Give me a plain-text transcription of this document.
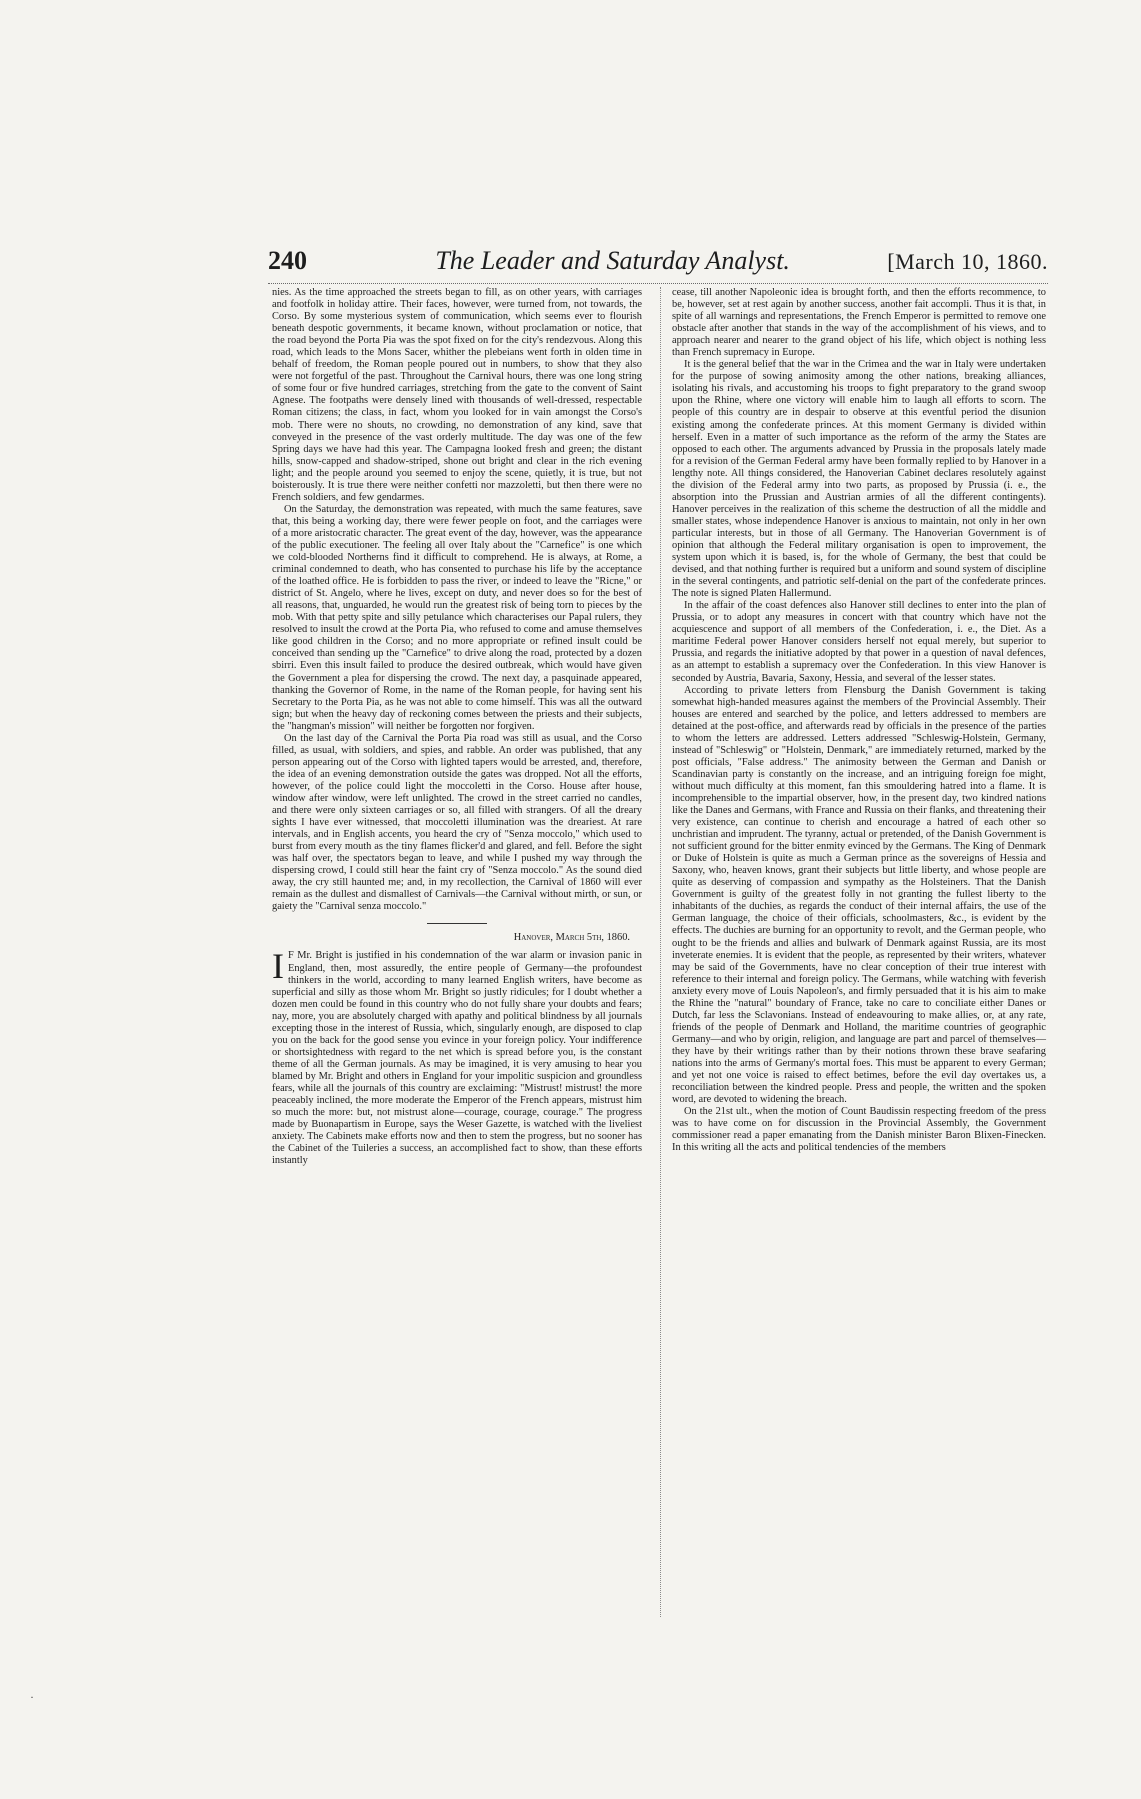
240	The Leader and Saturday Analyst.	[March 10, 1860.

nies. As the time approached the streets began to fill, as on other years, with carriages and footfolk in holiday attire. Their faces, however, were turned from, not towards, the Corso. By some mysterious system of communication, which seems ever to flourish beneath despotic governments, it became known, without proclamation or notice, that the road beyond the Porta Pia was the spot fixed on for the city's rendezvous. Along this road, which leads to the Mons Sacer, whither the plebeians went forth in olden time in behalf of freedom, the Roman people poured out in numbers, to show that they also were not forgetful of the past. Throughout the Carnival hours, there was one long string of some four or five hundred carriages, stretching from the gate to the convent of Saint Agnese. The footpaths were densely lined with thousands of well-dressed, respectable Roman citizens; the class, in fact, whom you looked for in vain amongst the Corso's mob. There were no shouts, no crowding, no demonstration of any kind, save that conveyed in the presence of the vast orderly multitude. The day was one of the few Spring days we have had this year. The Campagna looked fresh and green; the distant hills, snow-capped and shadow-striped, shone out bright and clear in the rich evening light; and the people around you seemed to enjoy the scene, quietly, it is true, but not boisterously. It is true there were neither confetti nor mazzoletti, but then there were no French soldiers, and few gendarmes.

On the Saturday, the demonstration was repeated, with much the same features, save that, this being a working day, there were fewer people on foot, and the carriages were of a more aristocratic character. The great event of the day, however, was the appearance of the public executioner. The feeling all over Italy about the "Carnefice" is one which we cold-blooded Northerns find it difficult to comprehend. He is always, at Rome, a criminal condemned to death, who has consented to purchase his life by the acceptance of the loathed office. He is forbidden to pass the river, or indeed to leave the "Ricne," or district of St. Angelo, where he lives, except on duty, and never does so for the best of all reasons, that, unguarded, he would run the greatest risk of being torn to pieces by the mob. With that petty spite and silly petulance which characterises our Papal rulers, they resolved to insult the crowd at the Porta Pia, who refused to come and amuse themselves like good children in the Corso; and no more appropriate or refined insult could be conceived than sending up the "Carnefice" to drive along the road, protected by a dozen sbirri. Even this insult failed to produce the desired outbreak, which would have given the Government a plea for dispersing the crowd. The next day, a pasquinade appeared, thanking the Governor of Rome, in the name of the Roman people, for having sent his Secretary to the Porta Pia, as he was not able to come himself. This was all the outward sign; but when the heavy day of reckoning comes between the priests and their subjects, the "hangman's mission" will neither be forgotten nor forgiven.

On the last day of the Carnival the Porta Pia road was still as usual, and the Corso filled, as usual, with soldiers, and spies, and rabble. An order was published, that any person appearing out of the Corso with lighted tapers would be arrested, and, therefore, the idea of an evening demonstration outside the gates was dropped. Not all the efforts, however, of the police could light the moccoletti in the Corso. House after house, window after window, were left unlighted. The crowd in the street carried no candles, and there were only sixteen carriages or so, all filled with strangers. Of all the dreary sights I have ever witnessed, that moccoletti illumination was the dreariest. At rare intervals, and in English accents, you heard the cry of "Senza moccolo," which used to burst from every mouth as the tiny flames flicker'd and glared, and fell. Before the sight was half over, the spectators began to leave, and while I pushed my way through the dispersing crowd, I could still hear the faint cry of "Senza moccolo." As the sound died away, the cry still haunted me; and, in my recollection, the Carnival of 1860 will ever remain as the dullest and dismallest of Carnivals—the Carnival without mirth, or sun, or gaiety the "Carnival senza moccolo."

Hanover, March 5th, 1860.

I F Mr. Bright is justified in his condemnation of the war alarm or invasion panic in England, then, most assuredly, the entire people of Germany—the profoundest thinkers in the world, according to many learned English writers, have become as superficial and silly as those whom Mr. Bright so justly ridicules; for I doubt whether a dozen men could be found in this country who do not fully share your doubts and fears; nay, more, you are absolutely charged with apathy and political blindness by all journals excepting those in the interest of Russia, which, singularly enough, are disposed to clap you on the back for the good sense you evince in your foreign policy. Your indifference or shortsightedness with regard to the net which is spread before you, is the constant theme of all the German journals. As may be imagined, it is very amusing to hear you blamed by Mr. Bright and others in England for your impolitic suspicion and groundless fears, while all the journals of this country are exclaiming: "Mistrust! mistrust! the more peaceably inclined, the more moderate the Emperor of the French appears, mistrust him so much the more: but, not mistrust alone—courage, courage, courage." The progress made by Buonapartism in Europe, says the Weser Gazette, is watched with the liveliest anxiety. The Cabinets make efforts now and then to stem the progress, but no sooner has the Cabinet of the Tuileries a success, an accomplished fact to show, than these efforts instantly

cease, till another Napoleonic idea is brought forth, and then the efforts recommence, to be, however, set at rest again by another success, another fait accompli. Thus it is that, in spite of all warnings and representations, the French Emperor is permitted to remove one obstacle after another that stands in the way of the accomplishment of his views, and to approach nearer and nearer to the grand object of his life, which object is nothing less than French supremacy in Europe.

It is the general belief that the war in the Crimea and the war in Italy were undertaken for the purpose of sowing animosity among the other nations, breaking alliances, isolating his rivals, and accustoming his troops to fight preparatory to the grand swoop upon the Rhine, where one victory will enable him to laugh all efforts to scorn. The people of this country are in despair to observe at this eventful period the disunion existing among the confederate princes. At this moment Germany is divided within herself. Even in a matter of such importance as the reform of the army the States are opposed to each other. The arguments advanced by Prussia in the proposals lately made for a revision of the German Federal army have been formally replied to by Hanover in a lengthy note. All things considered, the Hanoverian Cabinet declares resolutely against the division of the Federal army into two parts, as proposed by Prussia (i. e., the absorption into the Prussian and Austrian armies of all the different contingents). Hanover perceives in the realization of this scheme the destruction of all the middle and smaller states, whose independence Hanover is anxious to maintain, not only in her own particular interests, but in those of all Germany. The Hanoverian Government is of opinion that although the Federal military organisation is open to improvement, the system upon which it is based, is, for the whole of Germany, the best that could be devised, and that nothing further is required but a uniform and sound system of discipline in the several contingents, and patriotic self-denial on the part of the confederate princes. The note is signed Platen Hallermund.

In the affair of the coast defences also Hanover still declines to enter into the plan of Prussia, or to adopt any measures in concert with that country which have not the acquiescence and support of all members of the Confederation, i. e., the Diet. As a maritime Federal power Hanover considers herself not equal merely, but superior to Prussia, and regards the initiative adopted by that power in a question of naval defences, as an attempt to establish a supremacy over the Confederation. In this view Hanover is seconded by Austria, Bavaria, Saxony, Hessia, and several of the lesser states.

According to private letters from Flensburg the Danish Government is taking somewhat high-handed measures against the members of the Provincial Assembly. Their houses are entered and searched by the police, and letters addressed to members are detained at the post-office, and afterwards read by officials in the presence of the parties to whom the letters are addressed. Letters addressed "Schleswig-Holstein, Germany, instead of "Schleswig" or "Holstein, Denmark," are immediately returned, marked by the post officials, "False address." The animosity between the German and Danish or Scandinavian party is constantly on the increase, and an intriguing foreign foe might, without much difficulty at this moment, fan this smouldering hatred into a flame. It is incomprehensible to the impartial observer, how, in the present day, two kindred nations like the Danes and Germans, with France and Russia on their flanks, and threatening their very existence, can continue to cherish and encourage a hatred of each other so unchristian and imprudent. The tyranny, actual or pretended, of the Danish Government is not sufficient ground for the bitter enmity evinced by the Germans. The King of Denmark or Duke of Holstein is quite as much a German prince as the sovereigns of Hessia and Saxony, who, heaven knows, grant their subjects but little liberty, and whose people are quite as deserving of compassion and sympathy as the Holsteiners. That the Danish Government is guilty of the greatest folly in not granting the fullest liberty to the inhabitants of the duchies, as regards the conduct of their internal affairs, the use of the German language, the choice of their officials, schoolmasters, &c., is evident by the effects. The duchies are burning for an opportunity to revolt, and the German people, who ought to be the friends and allies and bulwark of Denmark against Russia, are its most inveterate enemies. It is evident that the people, as represented by their writers, whatever may be said of the Governments, have no clear conception of their true interest with reference to their internal and foreign policy. The Germans, while watching with feverish anxiety every move of Louis Napoleon's, and firmly persuaded that it is his aim to make the Rhine the "natural" boundary of France, take no care to conciliate either Danes or Dutch, far less the Sclavonians. Instead of endeavouring to make allies, or, at any rate, friends of the people of Denmark and Holland, the maritime countries of geographic Germany—and who by origin, religion, and language are part and parcel of themselves—they have by their writings rather than by their notions thrown these brave seafaring nations into the arms of Germany's mortal foes. This must be apparent to every German; and yet not one voice is raised to effect betimes, before the evil day overtakes us, a reconciliation between the kindred people. Press and people, the written and the spoken word, are devoted to widening the breach.

On the 21st ult., when the motion of Count Baudissin respecting freedom of the press was to have come on for discussion in the Provincial Assembly, the Government commissioner read a paper emanating from the Danish minister Baron Blixen-Finecken. In this writing all the acts and political tendencies of the members

·
